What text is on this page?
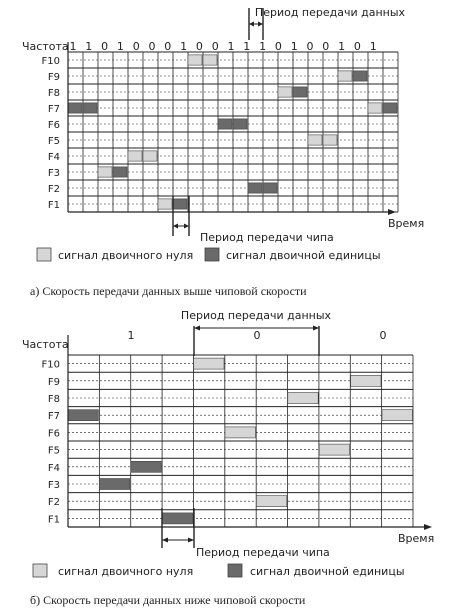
Период передачи данных
Частота 1 1 0 1 0 0 0 1 0 0 1 1 1 0 1 0 0 1 0 1
F1
F2
F3
F4
F5
F6
F7
F8
F9
F10
Время
Период передачи чипа
сигнал двоичного нуля	сигнал двоичной единицы
а) Скорость передачи данных выше чиповой скорости
Период передачи данных
Частота
1	0	0
F1
F2
F3
F4
F5
F6
F7
F8
F9
F10
Время
Период передачи чипа
сигнал двоичного нуля	сигнал двоичной единицы
б) Скорость передачи данных ниже чиповой скорости
